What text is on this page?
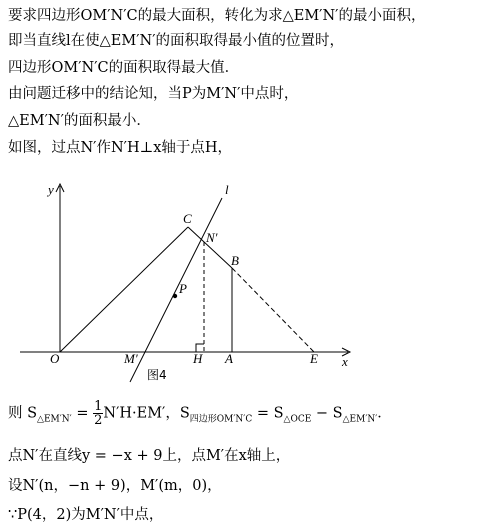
要求四边形OM′N′C的最大面积，转化为求△EM′N′的最小面积，
即当直线l在使△EM′N′的面积取得最小值的位置时，
四边形OM′N′C的面积取得最大值．
由问题迁移中的结论知，当P为M′N′中点时，
△EM′N′的面积最小．
如图，过点N′作N′H⊥x轴于点H，
y
x
O
C
N′
B
P
M′	H A	E
l
图4
则 $S_{\triangle EM'N'} = \frac{1}{2} N'H\cdot EM'$，$S_{四边形OM'N'C} = S_{\triangle OCE} - S_{\triangle EM'N'}$．
点N′在直线y = −x + 9上，点M′在x轴上，
设N′(n，−n + 9)，M′(m，0)，
∵P(4，2)为M′N′中点，
